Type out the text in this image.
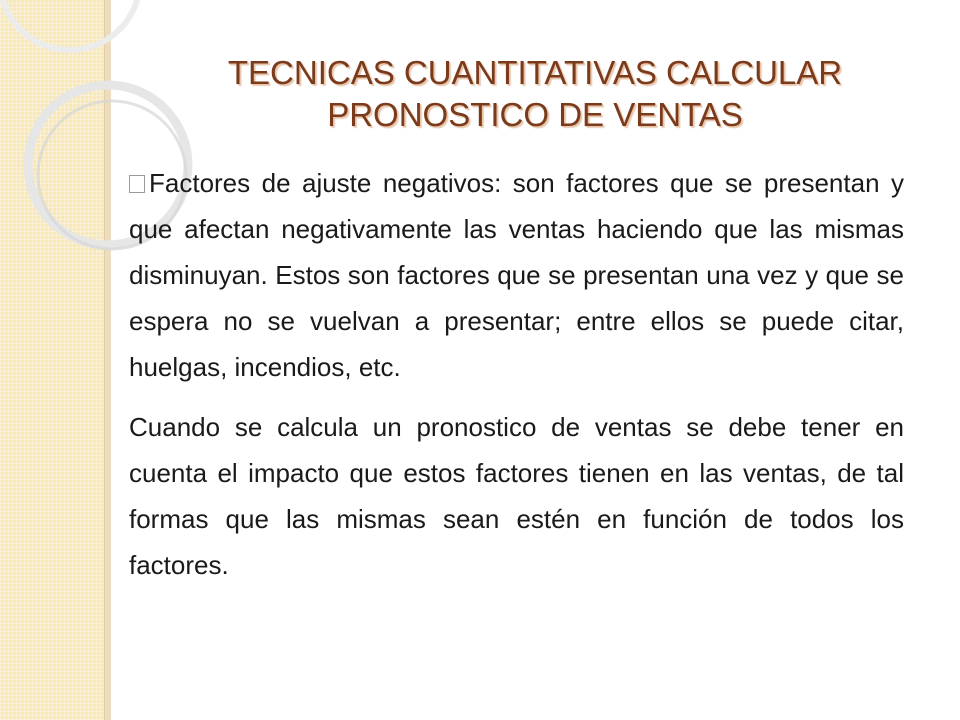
TECNICAS CUANTITATIVAS CALCULAR PRONOSTICO DE VENTAS

Factores de ajuste negativos: son factores que se presentan y que afectan negativamente las ventas haciendo que las mismas disminuyan. Estos son factores que se presentan una vez y que se espera no se vuelvan a presentar; entre ellos se puede citar, huelgas, incendios, etc.

Cuando se calcula un pronostico de ventas se debe tener en cuenta el impacto que estos factores tienen en las ventas, de tal formas que las mismas sean estén en función de todos los factores.
